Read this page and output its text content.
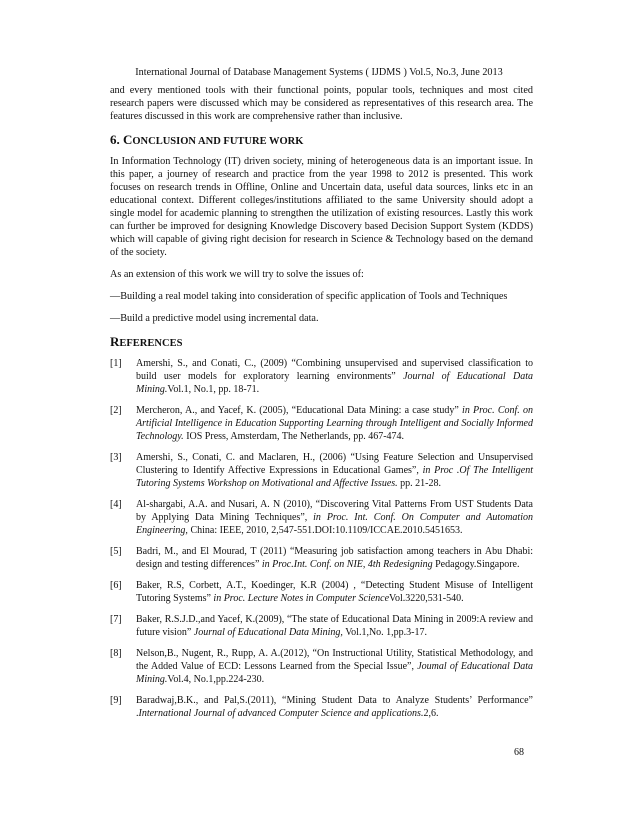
International Journal of Database Management Systems ( IJDMS ) Vol.5, No.3, June 2013

and every mentioned tools with their functional points, popular tools, techniques and most cited research papers were discussed which may be considered as representatives of this research area. The features discussed in this work are comprehensive rather than inclusive.

6. CONCLUSION AND FUTURE WORK

In Information Technology (IT) driven society, mining of heterogeneous data is an important issue. In this paper, a journey of research and practice from the year 1998 to 2012 is presented. This work focuses on research trends in Offline, Online and Uncertain data, useful data sources, links etc in an educational context. Different colleges/institutions affiliated to the same University should adopt a single model for academic planning to strengthen the utilization of existing resources. Lastly this work can further be improved for designing Knowledge Discovery based Decision Support System (KDDS) which will capable of giving right decision for research in Science & Technology based on the demand of the society.

As an extension of this work we will try to solve the issues of:

—Building a real model taking into consideration of specific application of Tools and Techniques

—Build a predictive model using incremental data.

REFERENCES
[1] Amershi, S., and Conati, C., (2009) “Combining unsupervised and supervised classification to build user models for exploratory learning environments” Journal of Educational Data Mining.Vol.1, No.1, pp. 18-71.
[2] Mercheron, A., and Yacef, K. (2005), “Educational Data Mining: a case study” in Proc. Conf. on Artificial Intelligence in Education Supporting Learning through Intelligent and Socially Informed Technology. IOS Press, Amsterdam, The Netherlands, pp. 467-474.
[3] Amershi, S., Conati, C. and Maclaren, H., (2006) “Using Feature Selection and Unsupervised Clustering to Identify Affective Expressions in Educational Games”, in Proc .Of The Intelligent Tutoring Systems Workshop on Motivational and Affective Issues. pp. 21-28.
[4] Al-shargabi, A.A. and Nusari, A. N (2010), “Discovering Vital Patterns From UST Students Data by Applying Data Mining Techniques”, in Proc. Int. Conf. On Computer and Automation Engineering, China: IEEE, 2010, 2,547-551.DOI:10.1109/ICCAE.2010.5451653.
[5] Badri, M., and El Mourad, T (2011) “Measuring job satisfaction among teachers in Abu Dhabi: design and testing differences” in Proc.Int. Conf. on NIE, 4th Redesigning Pedagogy.Singapore.
[6] Baker, R.S, Corbett, A.T., Koedinger, K.R (2004) , “Detecting Student Misuse of Intelligent Tutoring Systems” in Proc. Lecture Notes in Computer ScienceVol.3220,531-540.
[7] Baker, R.S.J.D.,and Yacef, K.(2009), “The state of Educational Data Mining in 2009:A review and future vision” Journal of Educational Data Mining, Vol.1,No. 1,pp.3-17.
[8] Nelson,B., Nugent, R., Rupp, A. A.(2012), “On Instructional Utility, Statistical Methodology, and the Added Value of ECD: Lessons Learned from the Special Issue”, Joumal of Educational Data Mining.Vol.4, No.1,pp.224-230.
[9] Baradwaj,B.K., and Pal,S.(2011), “Mining Student Data to Analyze Students’ Performance” .International Journal of advanced Computer Science and applications.2,6.
68
